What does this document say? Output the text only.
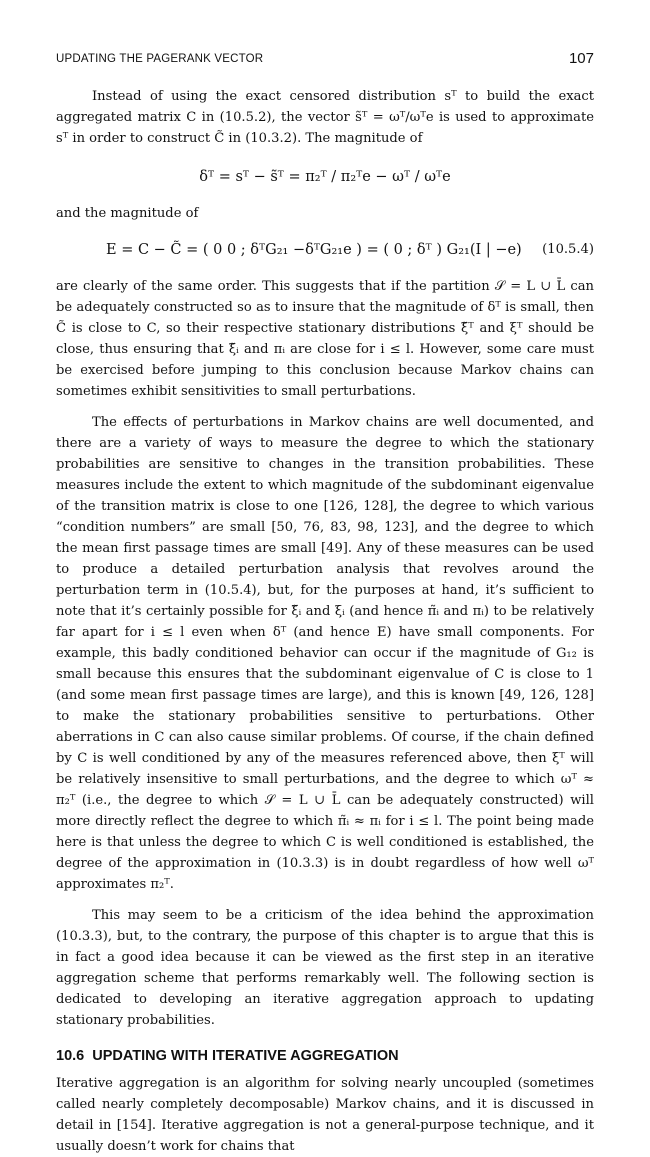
UPDATING THE PAGERANK VECTOR	107

Instead of using the exact censored distribution sᵀ to build the exact aggregated matrix C in (10.5.2), the vector s̃ᵀ = ωᵀ/ωᵀe is used to approximate sᵀ in order to construct C̃ in (10.3.2). The magnitude of

δᵀ = sᵀ − s̃ᵀ = π₂ᵀ / π₂ᵀe − ωᵀ / ωᵀe

and the magnitude of

E = C − C̃ = ( 0 0 ; δᵀG₂₁ −δᵀG₂₁e ) = ( 0 ; δᵀ ) G₂₁(I | −e) (10.5.4)

are clearly of the same order. This suggests that if the partition 𝒮 = L ∪ L̄ can be adequately constructed so as to insure that the magnitude of δᵀ is small, then C̃ is close to C, so their respective stationary distributions ξ̃ᵀ and ξᵀ should be close, thus ensuring that ξ̃ᵢ and πᵢ are close for i ≤ l. However, some care must be exercised before jumping to this conclusion because Markov chains can sometimes exhibit sensitivities to small perturbations.

The effects of perturbations in Markov chains are well documented, and there are a variety of ways to measure the degree to which the stationary probabilities are sensitive to changes in the transition probabilities. These measures include the extent to which magnitude of the subdominant eigenvalue of the transition matrix is close to one [126, 128], the degree to which various “condition numbers” are small [50, 76, 83, 98, 123], and the degree to which the mean first passage times are small [49]. Any of these measures can be used to produce a detailed perturbation analysis that revolves around the perturbation term in (10.5.4), but, for the purposes at hand, it’s sufficient to note that it’s certainly possible for ξ̃ᵢ and ξᵢ (and hence π̃ᵢ and πᵢ) to be relatively far apart for i ≤ l even when δᵀ (and hence E) have small components. For example, this badly conditioned behavior can occur if the magnitude of G₁₂ is small because this ensures that the subdominant eigenvalue of C is close to 1 (and some mean first passage times are large), and this is known [49, 126, 128] to make the stationary probabilities sensitive to perturbations. Other aberrations in C can also cause similar problems. Of course, if the chain defined by C is well conditioned by any of the measures referenced above, then ξᵀ will be relatively insensitive to small perturbations, and the degree to which ωᵀ ≈ π₂ᵀ (i.e., the degree to which 𝒮 = L ∪ L̄ can be adequately constructed) will more directly reflect the degree to which π̃ᵢ ≈ πᵢ for i ≤ l. The point being made here is that unless the degree to which C is well conditioned is established, the degree of the approximation in (10.3.3) is in doubt regardless of how well ωᵀ approximates π₂ᵀ.

This may seem to be a criticism of the idea behind the approximation (10.3.3), but, to the contrary, the purpose of this chapter is to argue that this is in fact a good idea because it can be viewed as the first step in an iterative aggregation scheme that performs remarkably well. The following section is dedicated to developing an iterative aggregation approach to updating stationary probabilities.

10.6 UPDATING WITH ITERATIVE AGGREGATION

Iterative aggregation is an algorithm for solving nearly uncoupled (sometimes called nearly completely decomposable) Markov chains, and it is discussed in detail in [154]. Iterative aggregation is not a general-purpose technique, and it usually doesn’t work for chains that
